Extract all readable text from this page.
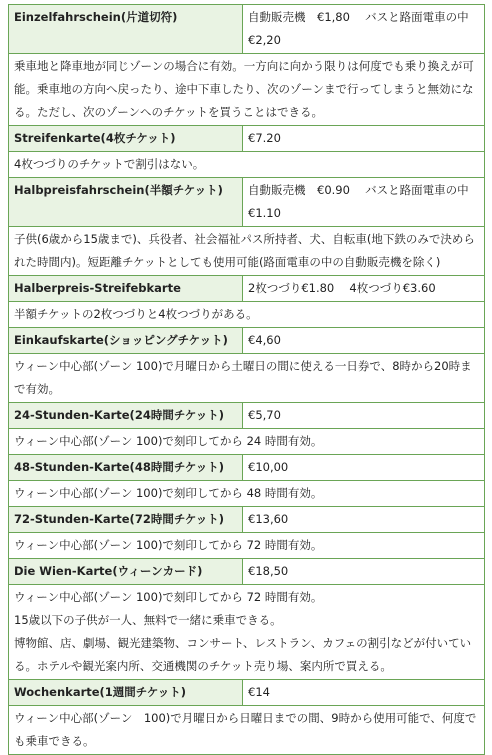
Einzelfahrschein(片道切符)	自動販売機　€1,80　 バスと路面電車の中€2,20

乗車地と降車地が同じゾーンの場合に有効。一方向に向かう限りは何度でも乗り換えが可能。乗車地の方向へ戻ったり、途中下車したり、次のゾーンまで行ってしまうと無効になる。ただし、次のゾーンへのチケットを買うことはできる。	

Streifenkarte(4枚チケット)	€7.20

4枚つづりのチケットで割引はない。	

Halbpreisfahrschein(半額チケット)	自動販売機　€0.90　 バスと路面電車の中€1.10

子供(6歳から15歳まで)、兵役者、社会福祉パス所持者、犬、自転車(地下鉄のみで決められた時間内)。短距離チケットとしても使用可能(路面電車の中の自動販売機を除く)	

Halberpreis-Streifebkarte	2枚つづり€1.80　 4枚つづり€3.60

半額チケットの2枚つづりと4枚つづりがある。	

Einkaufskarte(ショッピングチケット)	€4,60

ウィーン中心部(ゾーン 100)で月曜日から土曜日の間に使える一日券で、8時から20時まで有効。	

24-Stunden-Karte(24時間チケット)	€5,70

ウィーン中心部(ゾーン 100)で刻印してから 24 時間有効。	

48-Stunden-Karte(48時間チケット)	€10,00

ウィーン中心部(ゾーン 100)で刻印してから 48 時間有効。	

72-Stunden-Karte(72時間チケット)	€13,60

ウィーン中心部(ゾーン 100)で刻印してから 72 時間有効。	

Die Wien-Karte(ウィーンカード)	€18,50

ウィーン中心部(ゾーン 100)で刻印してから 72 時間有効。
15歳以下の子供が一人、無料で一緒に乗車できる。
博物館、店、劇場、観光建築物、コンサート、レストラン、カフェの割引などが付いている。ホテルや観光案内所、交通機関のチケット売り場、案内所で買える。	

Wochenkarte(1週間チケット)	€14

ウィーン中心部(ゾーン　100)で月曜日から日曜日までの間、9時から使用可能で、何度でも乗車できる。	
